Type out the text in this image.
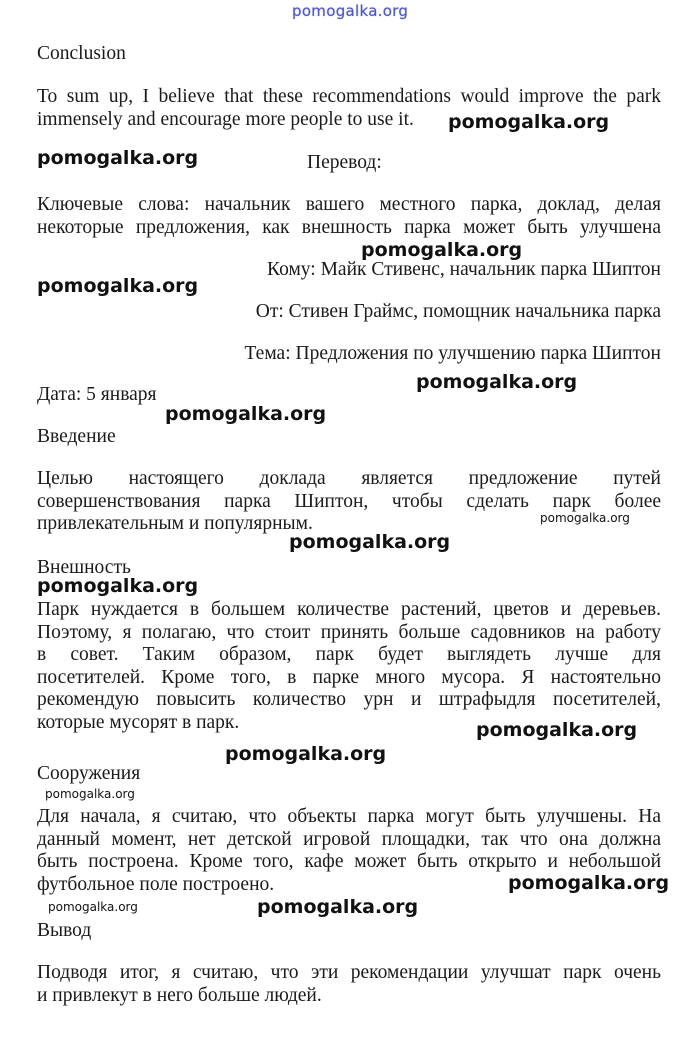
pomogalka.org
Conclusion
To sum up, I believe that these recommendations would improve the park
immensely and encourage more people to use it.
Перевод:
Ключевые слова: начальник вашего местного парка, доклад, делая
некоторые предложения, как внешность парка может быть улучшена
Кому: Майк Стивенс, начальник парка Шиптон
От: Стивен Граймс, помощник начальника парка
Тема: Предложения по улучшению парка Шиптон
Дата: 5 января
Введение
Целью настоящего доклада является предложение путей
совершенствования парка Шиптон, чтобы сделать парк более
привлекательным и популярным.
Внешность
Парк нуждается в большем количестве растений, цветов и деревьев.
Поэтому, я полагаю, что стоит принять больше садовников на работу
в совет. Таким образом, парк будет выглядеть лучше для
посетителей. Кроме того, в парке много мусора. Я настоятельно
рекомендую повысить количество урн и штрафыдля посетителей,
которые мусорят в парк.
Сооружения
Для начала, я считаю, что объекты парка могут быть улучшены. На
данный момент, нет детской игровой площадки, так что она должна
быть построена. Кроме того, кафе может быть открыто и небольшой
футбольное поле построено.
Вывод
Подводя итог, я считаю, что эти рекомендации улучшат парк очень
и привлекут в него больше людей.
pomogalka.org
pomogalka.org
pomogalka.org
pomogalka.org
pomogalka.org
pomogalka.org
pomogalka.org
pomogalka.org
pomogalka.org
pomogalka.org
pomogalka.org
pomogalka.org
pomogalka.org
pomogalka.org	pomogalka.org
